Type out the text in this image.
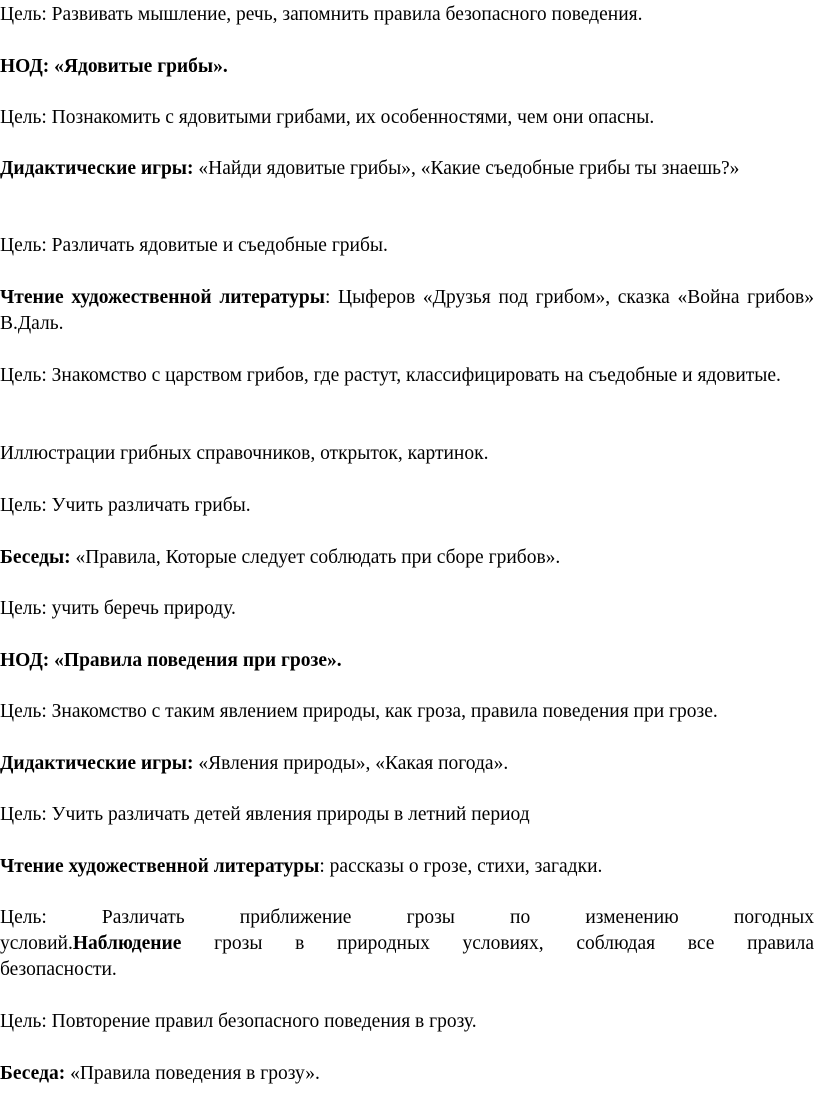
Цель: Развивать мышление, речь, запомнить правила безопасного поведения.

НОД: «Ядовитые грибы».

Цель: Познакомить с ядовитыми грибами, их особенностями, чем они опасны.

Дидактические игры: «Найди ядовитые грибы», «Какие съедобные грибы ты знаешь?»

Цель: Различать ядовитые и съедобные грибы.

Чтение художественной литературы: Цыферов «Друзья под грибом», сказка «Война грибов» В.Даль.

Цель: Знакомство с царством грибов, где растут, классифицировать на съедобные и ядовитые.

Иллюстрации грибных справочников, открыток, картинок.

Цель: Учить различать грибы.

Беседы: «Правила, Которые следует соблюдать при сборе грибов».

Цель: учить беречь природу.

НОД: «Правила поведения при грозе».

Цель: Знакомство с таким явлением природы, как гроза, правила поведения при грозе.

Дидактические игры: «Явления природы», «Какая погода».

Цель: Учить различать детей явления природы в летний период

Чтение художественной литературы: рассказы о грозе, стихи, загадки.

Цель: Различать приближение грозы по изменению погодных
условий.Наблюдение грозы в природных условиях, соблюдая все правила
безопасности.

Цель: Повторение правил безопасного поведения в грозу.

Беседа: «Правила поведения в грозу».
